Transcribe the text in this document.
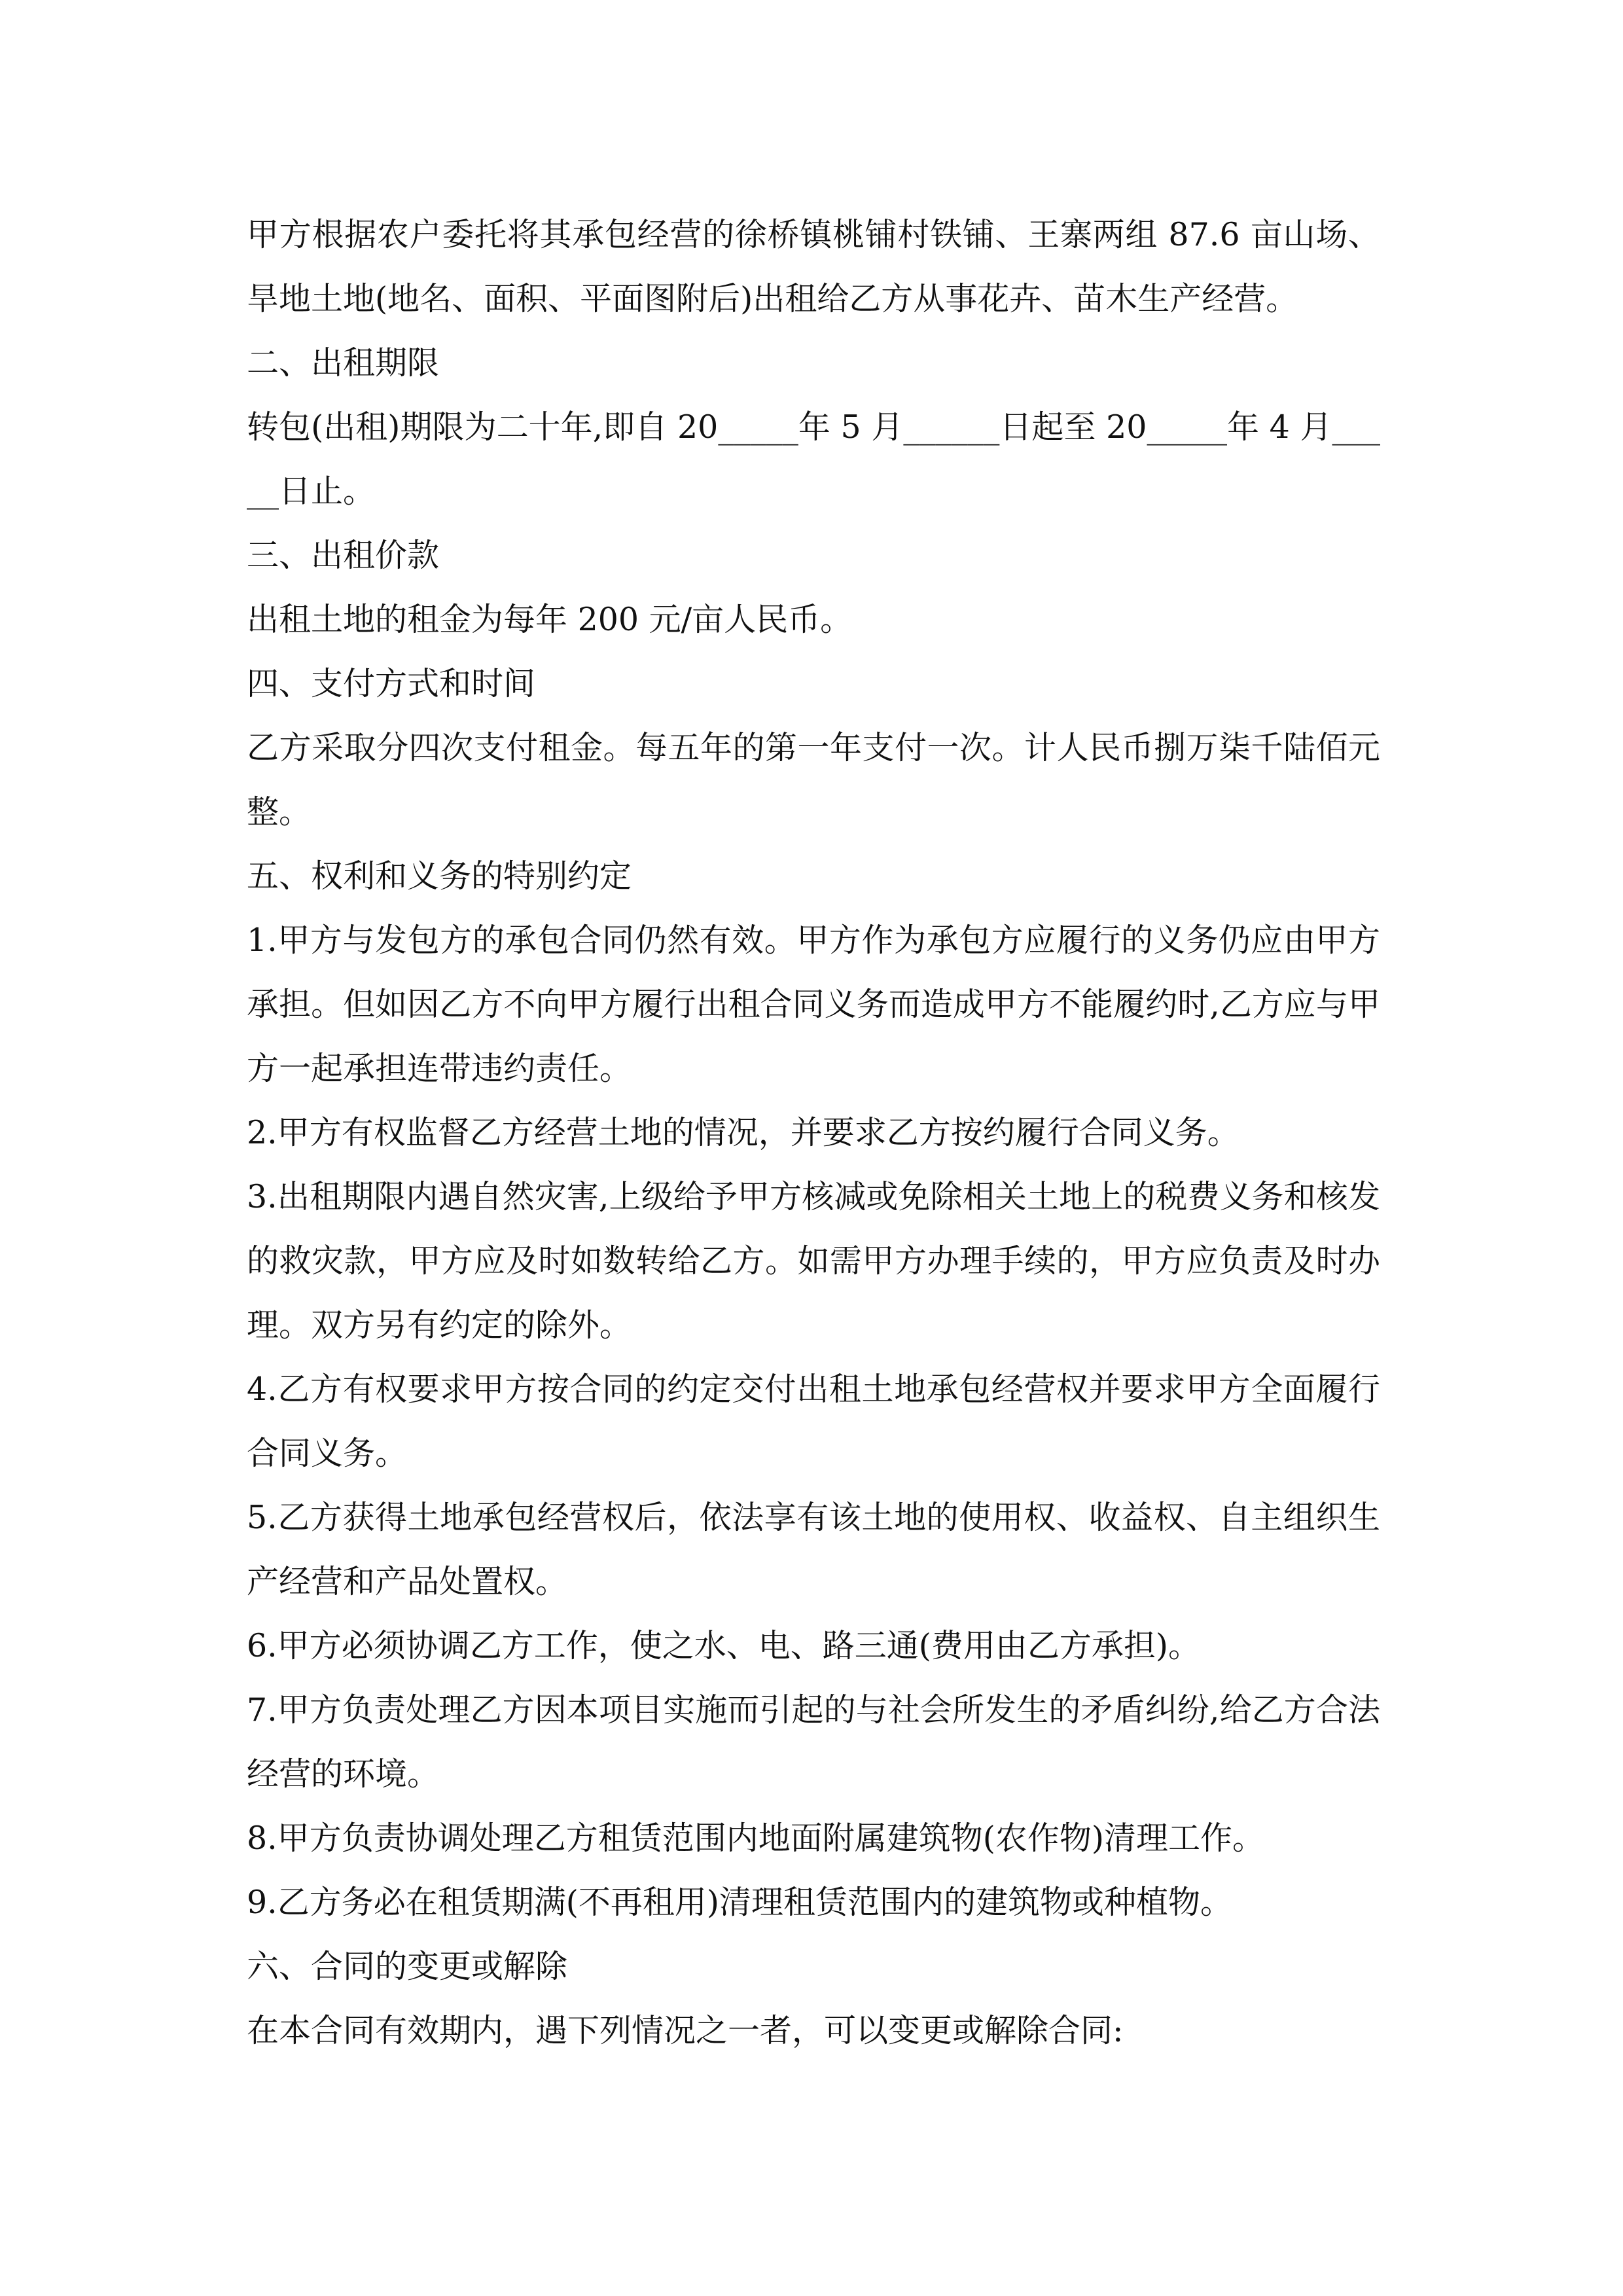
甲方根据农户委托将其承包经营的徐桥镇桃铺村铁铺、王寨两组 87.6 亩山场、旱地土地(地名、面积、平面图附后)出租给乙方从事花卉、苗木生产经营。

二、出租期限

转包(出租)期限为二十年,即自 20_____年 5 月______日起至 20_____年 4 月_____日止。

三、出租价款

出租土地的租金为每年 200 元/亩人民币。

四、支付方式和时间

乙方采取分四次支付租金。每五年的第一年支付一次。计人民币捌万柒千陆佰元整。

五、权利和义务的特别约定

1.甲方与发包方的承包合同仍然有效。甲方作为承包方应履行的义务仍应由甲方承担。但如因乙方不向甲方履行出租合同义务而造成甲方不能履约时,乙方应与甲方一起承担连带违约责任。

2.甲方有权监督乙方经营土地的情况，并要求乙方按约履行合同义务。

3.出租期限内遇自然灾害,上级给予甲方核减或免除相关土地上的税费义务和核发的救灾款，甲方应及时如数转给乙方。如需甲方办理手续的，甲方应负责及时办理。双方另有约定的除外。

4.乙方有权要求甲方按合同的约定交付出租土地承包经营权并要求甲方全面履行合同义务。

5.乙方获得土地承包经营权后，依法享有该土地的使用权、收益权、自主组织生产经营和产品处置权。

6.甲方必须协调乙方工作，使之水、电、路三通(费用由乙方承担)。

7.甲方负责处理乙方因本项目实施而引起的与社会所发生的矛盾纠纷,给乙方合法经营的环境。

8.甲方负责协调处理乙方租赁范围内地面附属建筑物(农作物)清理工作。

9.乙方务必在租赁期满(不再租用)清理租赁范围内的建筑物或种植物。

六、合同的变更或解除

在本合同有效期内，遇下列情况之一者，可以变更或解除合同:
